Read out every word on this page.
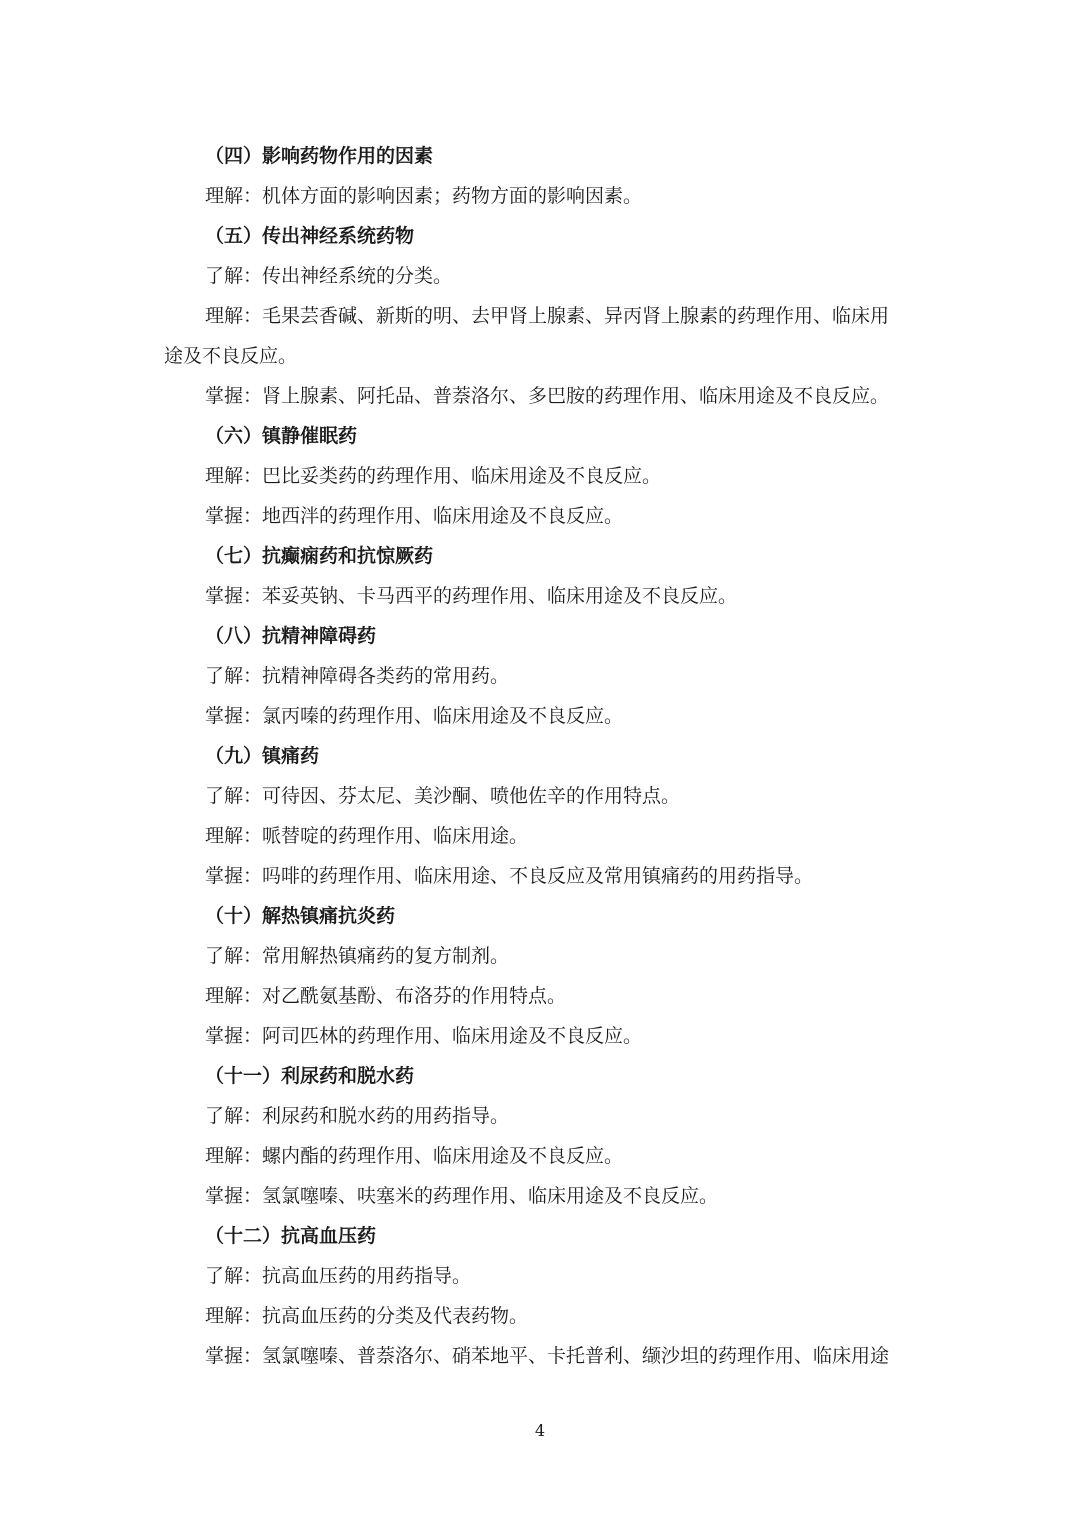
（四）影响药物作用的因素

理解：机体方面的影响因素；药物方面的影响因素。

（五）传出神经系统药物

了解：传出神经系统的分类。

理解：毛果芸香碱、新斯的明、去甲肾上腺素、异丙肾上腺素的药理作用、临床用

途及不良反应。

掌握：肾上腺素、阿托品、普萘洛尔、多巴胺的药理作用、临床用途及不良反应。

（六）镇静催眠药

理解：巴比妥类药的药理作用、临床用途及不良反应。

掌握：地西泮的药理作用、临床用途及不良反应。

（七）抗癫痫药和抗惊厥药

掌握：苯妥英钠、卡马西平的药理作用、临床用途及不良反应。

（八）抗精神障碍药

了解：抗精神障碍各类药的常用药。

掌握：氯丙嗪的药理作用、临床用途及不良反应。

（九）镇痛药

了解：可待因、芬太尼、美沙酮、喷他佐辛的作用特点。

理解：哌替啶的药理作用、临床用途。

掌握：吗啡的药理作用、临床用途、不良反应及常用镇痛药的用药指导。

（十）解热镇痛抗炎药

了解：常用解热镇痛药的复方制剂。

理解：对乙酰氨基酚、布洛芬的作用特点。

掌握：阿司匹林的药理作用、临床用途及不良反应。

（十一）利尿药和脱水药

了解：利尿药和脱水药的用药指导。

理解：螺内酯的药理作用、临床用途及不良反应。

掌握：氢氯噻嗪、呋塞米的药理作用、临床用途及不良反应。

（十二）抗高血压药

了解：抗高血压药的用药指导。

理解：抗高血压药的分类及代表药物。

掌握：氢氯噻嗪、普萘洛尔、硝苯地平、卡托普利、缬沙坦的药理作用、临床用途

4
